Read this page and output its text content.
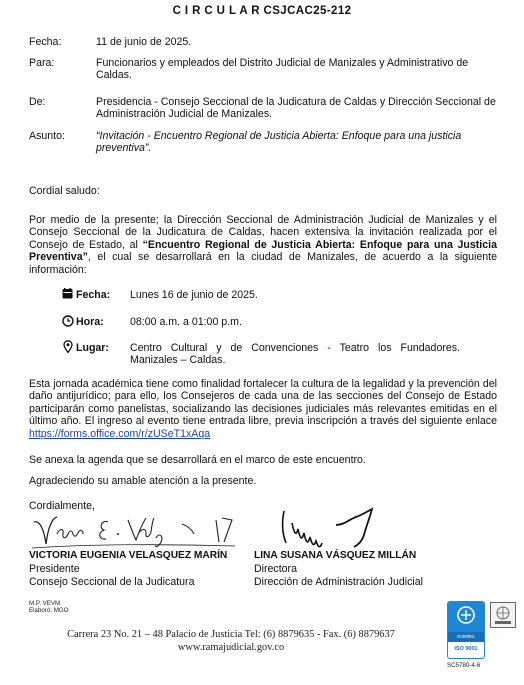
C I R C U L A R CSJCAC25-212
Fecha:	11 de junio de 2025.
Para:	Funcionarios y empleados del Distrito Judicial de Manizales y Administrativo de Caldas.
De:	Presidencia - Consejo Seccional de la Judicatura de Caldas y Dirección Seccional de Administración Judicial de Manizales.
Asunto:	“Invitación - Encuentro Regional de Justicia Abierta: Enfoque para una justicia preventiva”.
Cordial saludo:
Por medio de la presente; la Dirección Seccional de Administración Judicial de Manizales y el Consejo Seccional de la Judicatura de Caldas, hacen extensiva la invitación realizada por el Consejo de Estado, al “Encuentro Regional de Justicia Abierta: Enfoque para una Justicia Preventiva”, el cual se desarrollará en la ciudad de Manizales, de acuerdo a la siguiente información:
Fecha: Lunes 16 de junio de 2025.
Hora: 08:00 a.m. a 01:00 p.m.
Lugar: Centro Cultural y de Convenciones - Teatro los Fundadores. Manizales – Caldas.
Esta jornada académica tiene como finalidad fortalecer la cultura de la legalidad y la prevención del daño antijurídico; para ello, los Consejeros de cada una de las secciones del Consejo de Estado participarán como panelistas, socializando las decisiones judiciales más relevantes emitidas en el último año. El ingreso al evento tiene entrada libre, previa inscripción a través del siguiente enlace https://forms.office.com/r/zUSeT1xAqa
Se anexa la agenda que se desarrollará en el marco de este encuentro.
Agradeciendo su amable atención a la presente.
Cordialmente,
VICTORIA EUGENIA VELASQUEZ MARÍN
Presidente
Consejo Seccional de la Judicatura
LINA SUSANA VÁSQUEZ MILLÁN
Directora
Dirección de Administración Judicial
M.P. VEVM
Elaboró: MGO
Carrera 23 No. 21 – 48 Palacio de Justicia Tel: (6) 8879635 - Fax. (6) 8879637
www.ramajudicial.gov.co
icontec
ISO 9001
SC5780-4-6
